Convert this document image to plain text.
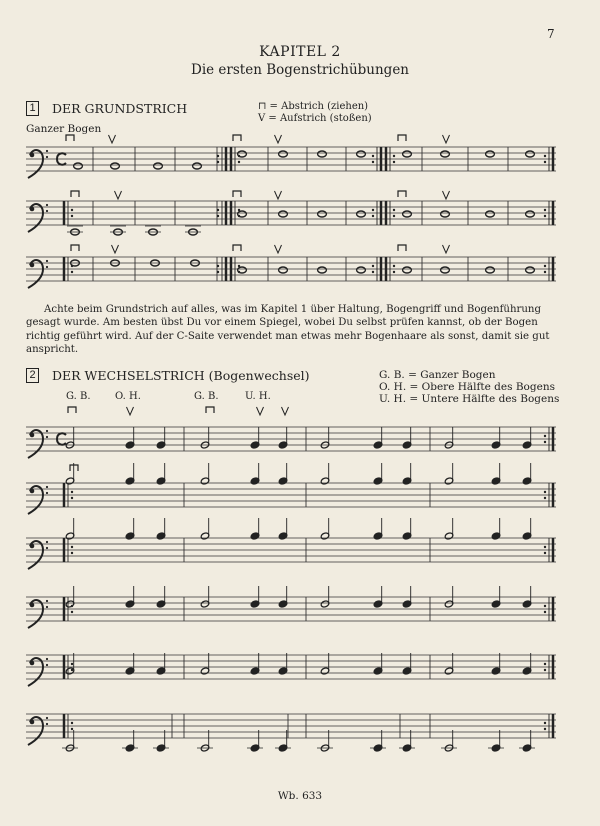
7
KAPITEL 2
Die ersten Bogenstrichübungen
1 DER GRUNDSTRICH	⊓ = Abstrich (ziehen)
V = Aufstrich (stoßen)
Ganzer Bogen
Achte beim Grundstrich auf alles, was im Kapitel 1 über Haltung, Bogengriff und Bogenführung gesagt wurde. Am besten übst Du vor einem Spiegel, wobei Du selbst prüfen kannst, ob der Bogen richtig geführt wird. Auf der C-Saite verwendet man etwas mehr Bogenhaare als sonst, damit sie gut anspricht.
2 DER WECHSELSTRICH (Bogenwechsel)	G. B. = Ganzer Bogen
O. H. = Obere Hälfte des Bogens
U. H. = Untere Hälfte des Bogens
G. B. O. H.	G. B.	U. H.
Wb. 633
